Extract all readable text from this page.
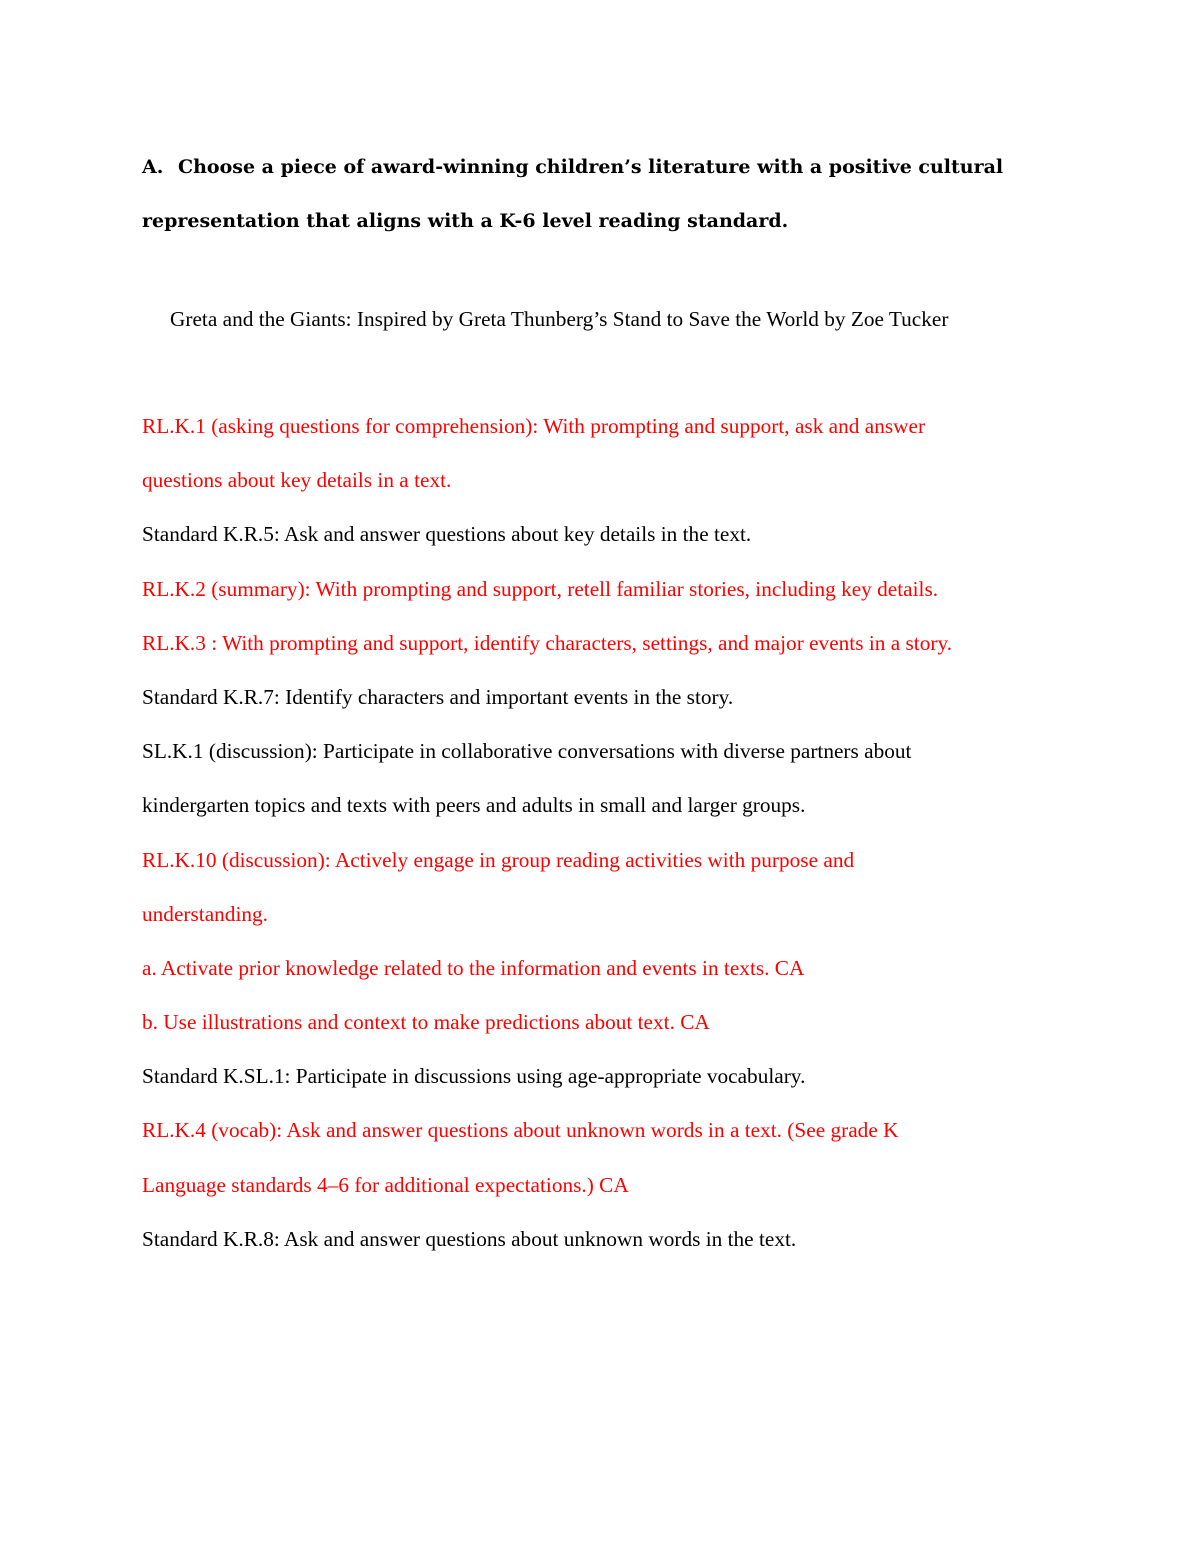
A. Choose a piece of award-winning children’s literature with a positive cultural
representation that aligns with a K-6 level reading standard.
Greta and the Giants: Inspired by Greta Thunberg’s Stand to Save the World by Zoe Tucker
RL.K.1 (asking questions for comprehension): With prompting and support, ask and answer
questions about key details in a text.
Standard K.R.5: Ask and answer questions about key details in the text.
RL.K.2 (summary): With prompting and support, retell familiar stories, including key details.
RL.K.3 : With prompting and support, identify characters, settings, and major events in a story.
Standard K.R.7: Identify characters and important events in the story.
SL.K.1 (discussion): Participate in collaborative conversations with diverse partners about
kindergarten topics and texts with peers and adults in small and larger groups.
RL.K.10 (discussion): Actively engage in group reading activities with purpose and
understanding.
a. Activate prior knowledge related to the information and events in texts. CA
b. Use illustrations and context to make predictions about text. CA
Standard K.SL.1: Participate in discussions using age-appropriate vocabulary.
RL.K.4 (vocab): Ask and answer questions about unknown words in a text. (See grade K
Language standards 4–6 for additional expectations.) CA
Standard K.R.8: Ask and answer questions about unknown words in the text.
